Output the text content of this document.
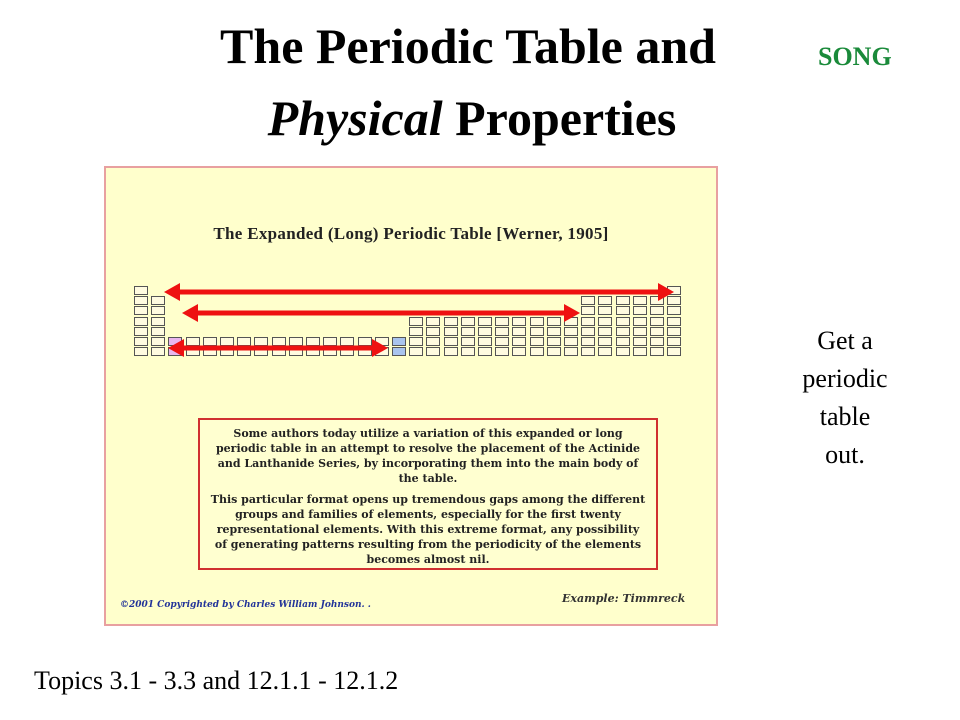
The Periodic Table and
Physical Properties
SONG
Get a
periodic
table
out.
The Expanded (Long) Periodic Table [Werner, 1905]

Some authors today utilize a variation of this expanded or long periodic table in an attempt to resolve the placement of the Actinide and Lanthanide Series, by incorporating them into the main body of the table.

This particular format opens up tremendous gaps among the different groups and families of elements, especially for the first twenty representational elements. With this extreme format, any possibility of generating patterns resulting from the periodicity of the elements becomes almost nil.

©2001 Copyrighted by Charles William Johnson. .	Example: Timmreck
Topics 3.1 - 3.3 and 12.1.1 - 12.1.2
